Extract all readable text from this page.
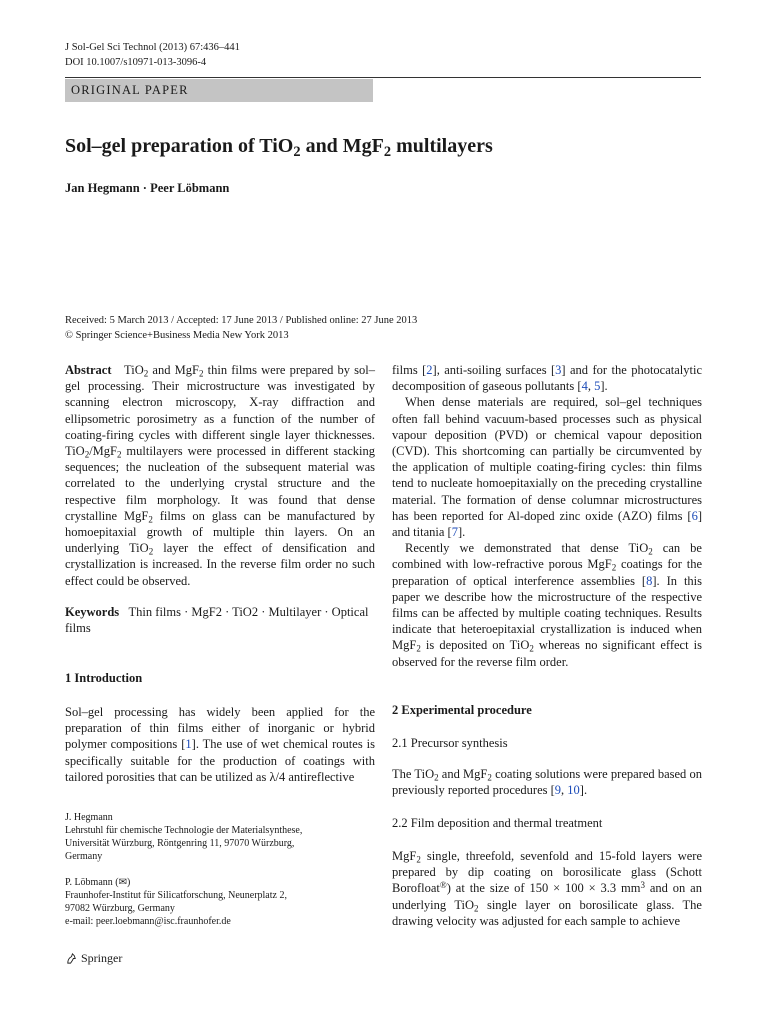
J Sol-Gel Sci Technol (2013) 67:436–441
DOI 10.1007/s10971-013-3096-4
ORIGINAL PAPER
Sol–gel preparation of TiO$_2$ and MgF$_2$ multilayers
Jan Hegmann · Peer Löbmann
Received: 5 March 2013 / Accepted: 17 June 2013 / Published online: 27 June 2013
© Springer Science+Business Media New York 2013

Abstract TiO$_2$ and MgF$_2$ thin films were prepared by sol–gel processing. Their microstructure was investigated by scanning electron microscopy, X-ray diffraction and ellipsometric porosimetry as a function of the number of coating-firing cycles with different single layer thicknesses. TiO$_2$/MgF$_2$ multilayers were processed in different stacking sequences; the nucleation of the subsequent material was correlated to the underlying crystal structure and the respective film morphology. It was found that dense crystalline MgF$_2$ films on glass can be manufactured by homoepitaxial growth of multiple thin layers. On an underlying TiO$_2$ layer the effect of densification and crystallization is increased. In the reverse film order no such effect could be observed.

Keywords Thin films · MgF2 · TiO2 · Multilayer · Optical films

1 Introduction

Sol–gel processing has widely been applied for the preparation of thin films either of inorganic or hybrid polymer compositions [1]. The use of wet chemical routes is specifically suitable for the production of coatings with tailored porosities that can be utilized as λ/4 antireflective

J. Hegmann
Lehrstuhl für chemische Technologie der Materialsynthese,
Universität Würzburg, Röntgenring 11, 97070 Würzburg,
Germany
P. Löbmann (✉)
Fraunhofer-Institut für Silicatforschung, Neunerplatz 2,
97082 Würzburg, Germany
e-mail: peer.loebmann@isc.fraunhofer.de
Springer

films [2], anti-soiling surfaces [3] and for the photocatalytic decomposition of gaseous pollutants [4, 5].

When dense materials are required, sol–gel techniques often fall behind vacuum-based processes such as physical vapour deposition (PVD) or chemical vapour deposition (CVD). This shortcoming can partially be circumvented by the application of multiple coating-firing cycles: thin films tend to nucleate homoepitaxially on the preceding crystalline material. The formation of dense columnar microstructures has been reported for Al-doped zinc oxide (AZO) films [6] and titania [7].

Recently we demonstrated that dense TiO$_2$ can be combined with low-refractive porous MgF$_2$ coatings for the preparation of optical interference assemblies [8]. In this paper we describe how the microstructure of the respective films can be affected by multiple coating techniques. Results indicate that heteroepitaxial crystallization is induced when MgF$_2$ is deposited on TiO$_2$ whereas no significant effect is observed for the reverse film order.

2 Experimental procedure
2.1 Precursor synthesis

The TiO$_2$ and MgF$_2$ coating solutions were prepared based on previously reported procedures [9, 10].

2.2 Film deposition and thermal treatment

MgF$_2$ single, threefold, sevenfold and 15-fold layers were prepared by dip coating on borosilicate glass (Schott Borofloat®) at the size of 150 × 100 × 3.3 $mm^3$ and on an underlying TiO$_2$ single layer on borosilicate glass. The drawing velocity was adjusted for each sample to achieve
